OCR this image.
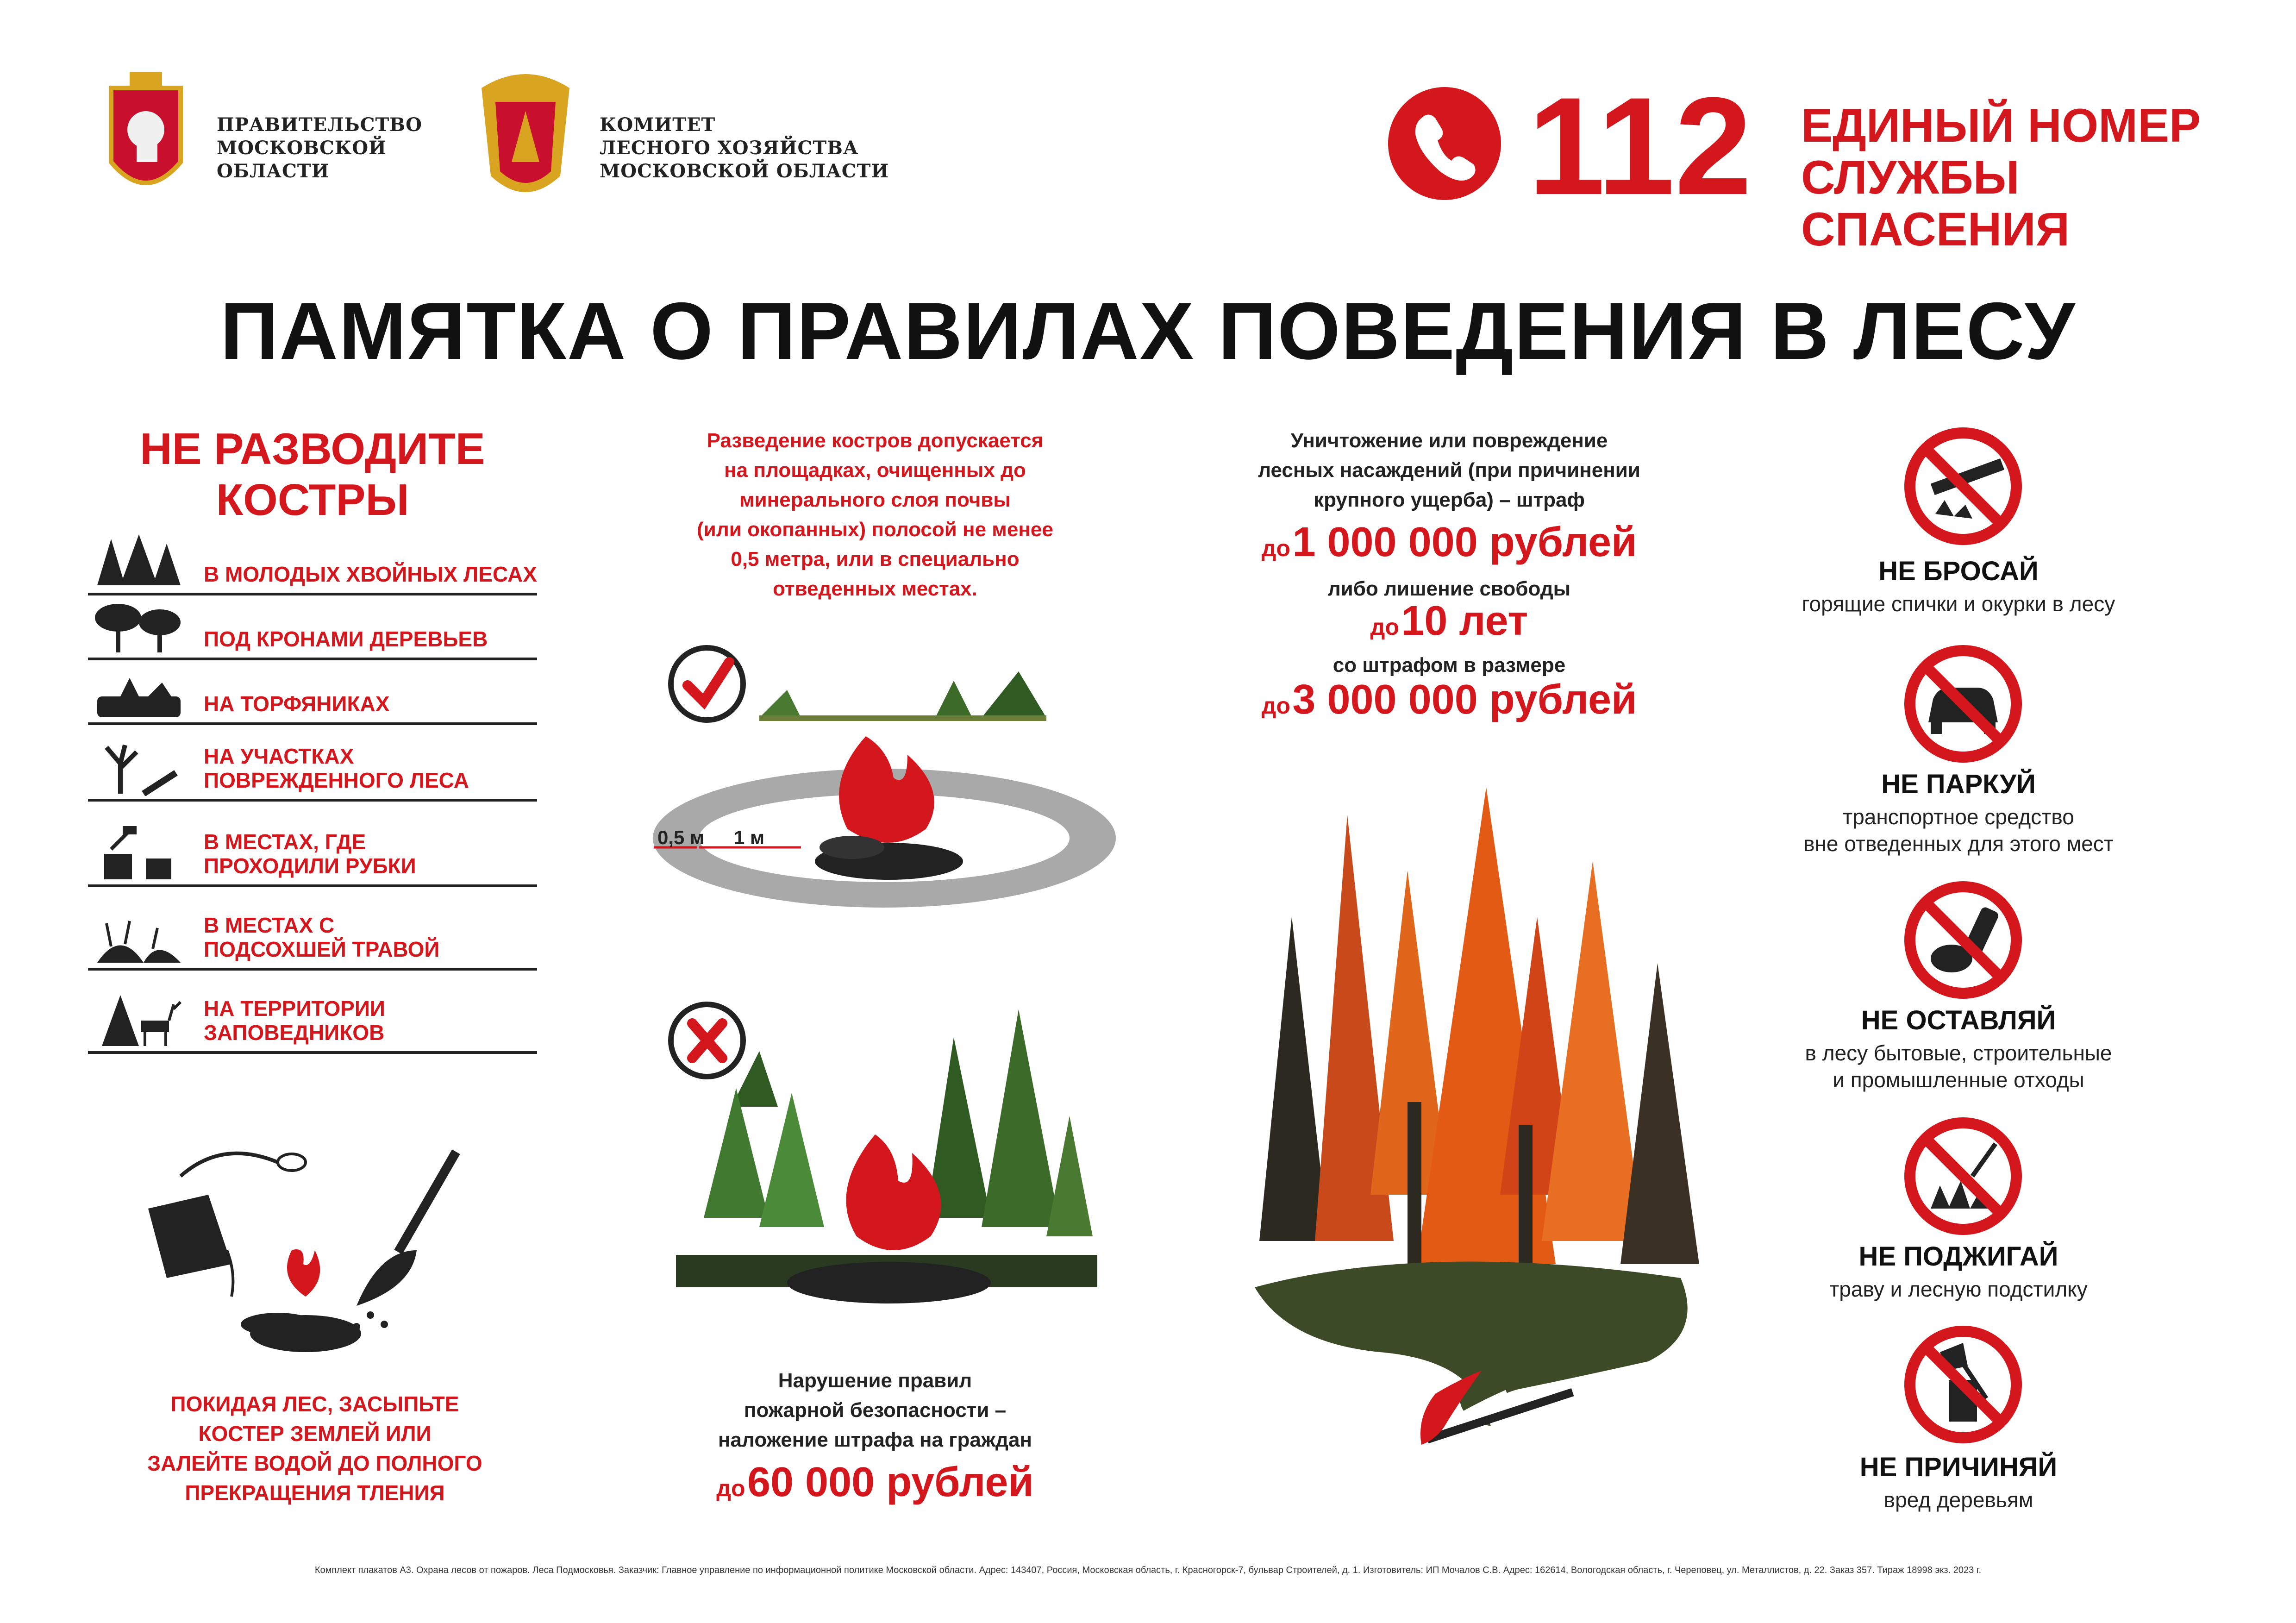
ПРАВИТЕЛЬСТВО
МОСКОВСКОЙ
ОБЛАСТИ
КОМИТЕТ
ЛЕСНОГО ХОЗЯЙСТВА
МОСКОВСКОЙ ОБЛАСТИ	112 ЕДИНЫЙ НОМЕР
СЛУЖБЫ СПАСЕНИЯ
ПАМЯТКА О ПРАВИЛАХ ПОВЕДЕНИЯ В ЛЕСУ
НЕ РАЗВОДИТЕ
КОСТРЫ
В МОЛОДЫХ ХВОЙНЫХ ЛЕСАХ
ПОД КРОНАМИ ДЕРЕВЬЕВ
НА ТОРФЯНИКАХ
НА УЧАСТКАХ
ПОВРЕЖДЕННОГО ЛЕСА
В МЕСТАХ, ГДЕ
ПРОХОДИЛИ РУБКИ
В МЕСТАХ С
ПОДСОХШЕЙ ТРАВОЙ
НА ТЕРРИТОРИИ
ЗАПОВЕДНИКОВ
ПОКИДАЯ ЛЕС, ЗАСЫПЬТЕ
КОСТЕР ЗЕМЛЕЙ ИЛИ
ЗАЛЕЙТЕ ВОДОЙ ДО ПОЛНОГО
ПРЕКРАЩЕНИЯ ТЛЕНИЯ
Разведение костров допускается
на площадках, очищенных до
минерального слоя почвы
(или окопанных) полосой не менее
0,5 метра, или в специально
отведенных местах.
0,5 м 1 м
Нарушение правил
пожарной безопасности –
наложение штрафа на граждан
до 60 000 рублей
Уничтожение или повреждение
лесных насаждений (при причинении
крупного ущерба) – штраф
до 1 000 000 рублей
либо лишение свободы
до 10 лет
со штрафом в размере
до 3 000 000 рублей
НЕ БРОСАЙ
горящие спички и окурки в лесу
НЕ ПАРКУЙ
транспортное средство
вне отведенных для этого мест
НЕ ОСТАВЛЯЙ
в лесу бытовые, строительные
и промышленные отходы
НЕ ПОДЖИГАЙ
траву и лесную подстилку
НЕ ПРИЧИНЯЙ
вред деревьям
Комплект плакатов А3. Охрана лесов от пожаров. Леса Подмосковья. Заказчик: Главное управление по информационной политике Московской области. Адрес: 143407, Россия, Московская область, г. Красногорск-7, бульвар Строителей, д. 1. Изготовитель: ИП Мочалов С.В. Адрес: 162614, Вологодская область, г. Череповец, ул. Металлистов, д. 22. Заказ 357. Тираж 18998 экз. 2023 г.
